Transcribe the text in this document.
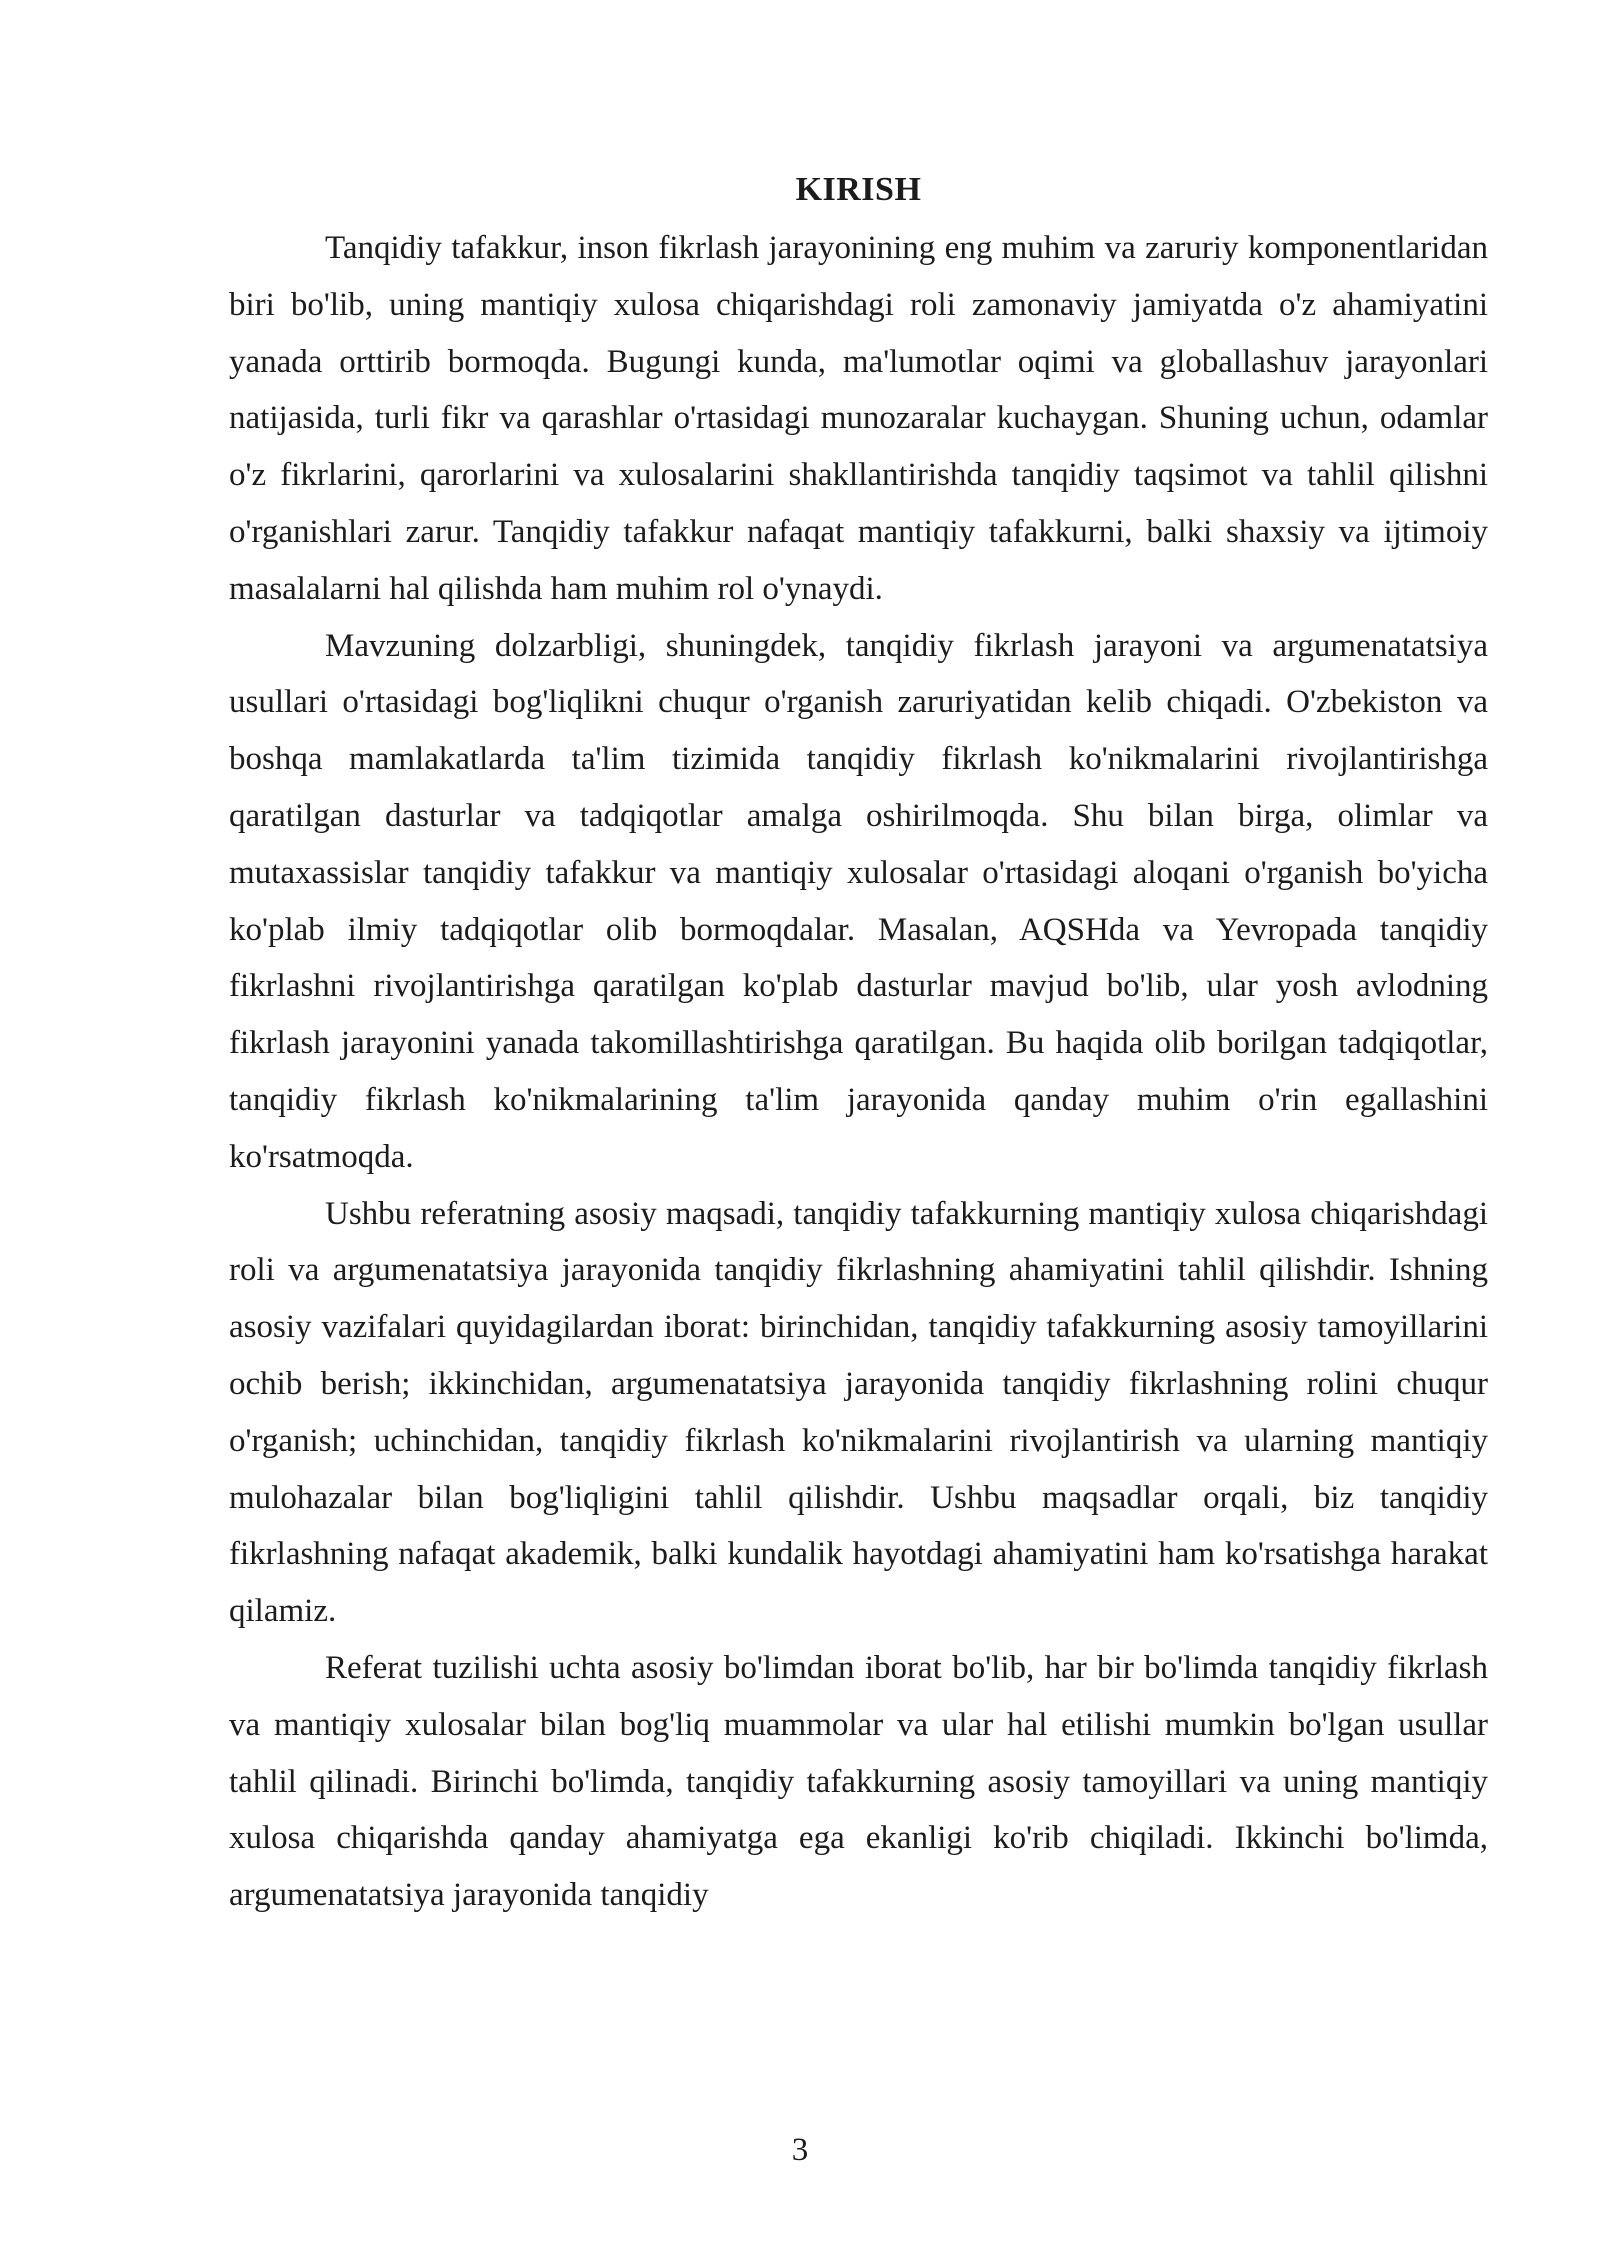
KIRISH

Tanqidiy tafakkur, inson fikrlash jarayonining eng muhim va zaruriy komponentlaridan biri bo'lib, uning mantiqiy xulosa chiqarishdagi roli zamonaviy jamiyatda o'z ahamiyatini yanada orttirib bormoqda. Bugungi kunda, ma'lumotlar oqimi va globallashuv jarayonlari natijasida, turli fikr va qarashlar o'rtasidagi munozaralar kuchaygan. Shuning uchun, odamlar o'z fikrlarini, qarorlarini va xulosalarini shakllantirishda tanqidiy taqsimot va tahlil qilishni o'rganishlari zarur. Tanqidiy tafakkur nafaqat mantiqiy tafakkurni, balki shaxsiy va ijtimoiy masalalarni hal qilishda ham muhim rol o'ynaydi.

Mavzuning dolzarbligi, shuningdek, tanqidiy fikrlash jarayoni va argumenatatsiya usullari o'rtasidagi bog'liqlikni chuqur o'rganish zaruriyatidan kelib chiqadi. O'zbekiston va boshqa mamlakatlarda ta'lim tizimida tanqidiy fikrlash ko'nikmalarini rivojlantirishga qaratilgan dasturlar va tadqiqotlar amalga oshirilmoqda. Shu bilan birga, olimlar va mutaxassislar tanqidiy tafakkur va mantiqiy xulosalar o'rtasidagi aloqani o'rganish bo'yicha ko'plab ilmiy tadqiqotlar olib bormoqdalar. Masalan, AQSHda va Yevropada tanqidiy fikrlashni rivojlantirishga qaratilgan ko'plab dasturlar mavjud bo'lib, ular yosh avlodning fikrlash jarayonini yanada takomillashtirishga qaratilgan. Bu haqida olib borilgan tadqiqotlar, tanqidiy fikrlash ko'nikmalarining ta'lim jarayonida qanday muhim o'rin egallashini ko'rsatmoqda.

Ushbu referatning asosiy maqsadi, tanqidiy tafakkurning mantiqiy xulosa chiqarishdagi roli va argumenatatsiya jarayonida tanqidiy fikrlashning ahamiyatini tahlil qilishdir. Ishning asosiy vazifalari quyidagilardan iborat: birinchidan, tanqidiy tafakkurning asosiy tamoyillarini ochib berish; ikkinchidan, argumenatatsiya jarayonida tanqidiy fikrlashning rolini chuqur o'rganish; uchinchidan, tanqidiy fikrlash ko'nikmalarini rivojlantirish va ularning mantiqiy mulohazalar bilan bog'liqligini tahlil qilishdir. Ushbu maqsadlar orqali, biz tanqidiy fikrlashning nafaqat akademik, balki kundalik hayotdagi ahamiyatini ham ko'rsatishga harakat qilamiz.

Referat tuzilishi uchta asosiy bo'limdan iborat bo'lib, har bir bo'limda tanqidiy fikrlash va mantiqiy xulosalar bilan bog'liq muammolar va ular hal etilishi mumkin bo'lgan usullar tahlil qilinadi. Birinchi bo'limda, tanqidiy tafakkurning asosiy tamoyillari va uning mantiqiy xulosa chiqarishda qanday ahamiyatga ega ekanligi ko'rib chiqiladi. Ikkinchi bo'limda, argumenatatsiya jarayonida tanqidiy

3
